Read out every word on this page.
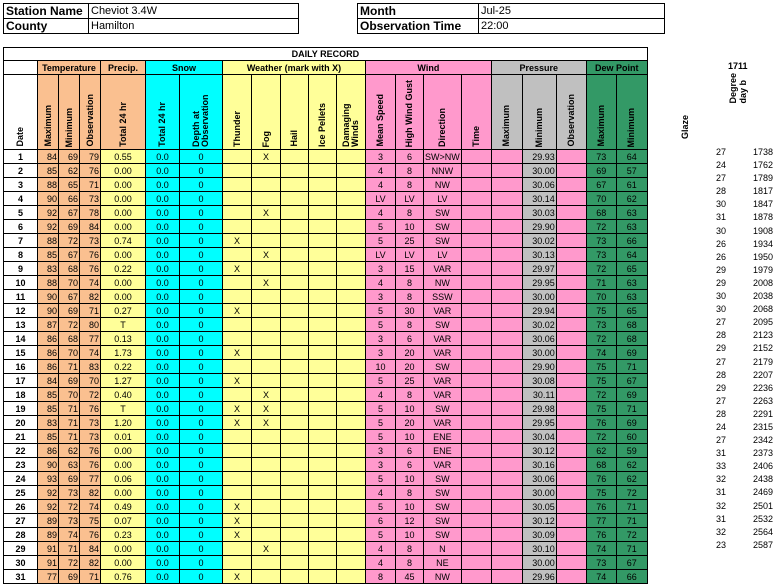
Station Name	Cheviot 3.4W
County	Hamilton
Month	Jul-25
Observation Time	22:00
DAILY RECORD																				
	Temperature			Precip.	Snow		Weather (mark with X)					Wind				Pressure			Dew Point	

Date	Maximum	Minimum	Observation	Total 24 hr	Total 24 hr	Depth at Observation	Thunder	Fog	Hail	Ice Pellets	Damaging Winds	Mean Speed	High Wind Gust	Direction	Time	Maximum	Minimum	Observation	Maximum	Minimum

1	84	69	79	0.55	0.0	0		X				3	6	SW>NW			29.93		73	64
2	85	62	76	0.00	0.0	0						4	8	NNW			30.00		69	57
3	88	65	71	0.00	0.0	0						4	8	NW			30.06		67	61
4	90	66	73	0.00	0.0	0						LV	LV	LV			30.14		70	62
5	92	67	78	0.00	0.0	0		X				4	8	SW			30.03		68	63
6	92	69	84	0.00	0.0	0						5	10	SW			29.90		72	63
7	88	72	73	0.74	0.0	0	X					5	25	SW			30.02		73	66
8	85	67	76	0.00	0.0	0		X				LV	LV	LV			30.13		73	64
9	83	68	76	0.22	0.0	0	X					3	15	VAR			29.97		72	65
10	88	70	74	0.00	0.0	0		X				4	8	NW			29.95		71	63
11	90	67	82	0.00	0.0	0						3	8	SSW			30.00		70	63
12	90	69	71	0.27	0.0	0	X					5	30	VAR			29.94		75	65
13	87	72	80	T	0.0	0						5	8	SW			30.02		73	68
14	86	68	77	0.13	0.0	0						3	6	VAR			30.06		72	68
15	86	70	74	1.73	0.0	0	X					3	20	VAR			30.00		74	69
16	86	71	83	0.22	0.0	0						10	20	SW			29.90		75	71
17	84	69	70	1.27	0.0	0	X					5	25	VAR			30.08		75	67
18	85	70	72	0.40	0.0	0		X				4	8	VAR			30.11		72	69
19	85	71	76	T	0.0	0	X	X				5	10	SW			29.98		75	71
20	83	71	73	1.20	0.0	0	X	X				5	20	VAR			29.95		76	69
21	85	71	73	0.01	0.0	0						5	10	ENE			30.04		72	60
22	86	62	76	0.00	0.0	0						3	6	ENE			30.12		62	59
23	90	63	76	0.00	0.0	0						3	6	VAR			30.16		68	62
24	93	69	77	0.06	0.0	0						5	10	SW			30.06		76	62
25	92	73	82	0.00	0.0	0						4	8	SW			30.00		75	72
26	92	72	74	0.49	0.0	0	X					5	10	SW			30.05		76	71
27	89	73	75	0.07	0.0	0	X					6	12	SW			30.12		77	71
28	89	74	76	0.23	0.0	0	X					5	10	SW			30.09		76	72
29	91	71	84	0.00	0.0	0		X				4	8	N			30.10		74	71
30	91	72	82	0.00	0.0	0						4	8	NE			30.00		73	67
31	77	69	71	0.76	0.0	0	X					8	45	NW			29.96		74	66
1711
Glaze
Degree day b
27	1738
24	1762
27	1789
28	1817
30	1847
31	1878
30	1908
26	1934
26	1950
29	1979
29	2008
30	2038
30	2068
27	2095
28	2123
29	2152
27	2179
28	2207
29	2236
27	2263
28	2291
24	2315
27	2342
31	2373
33	2406
32	2438
31	2469
32	2501
31	2532
32	2564
23	2587
